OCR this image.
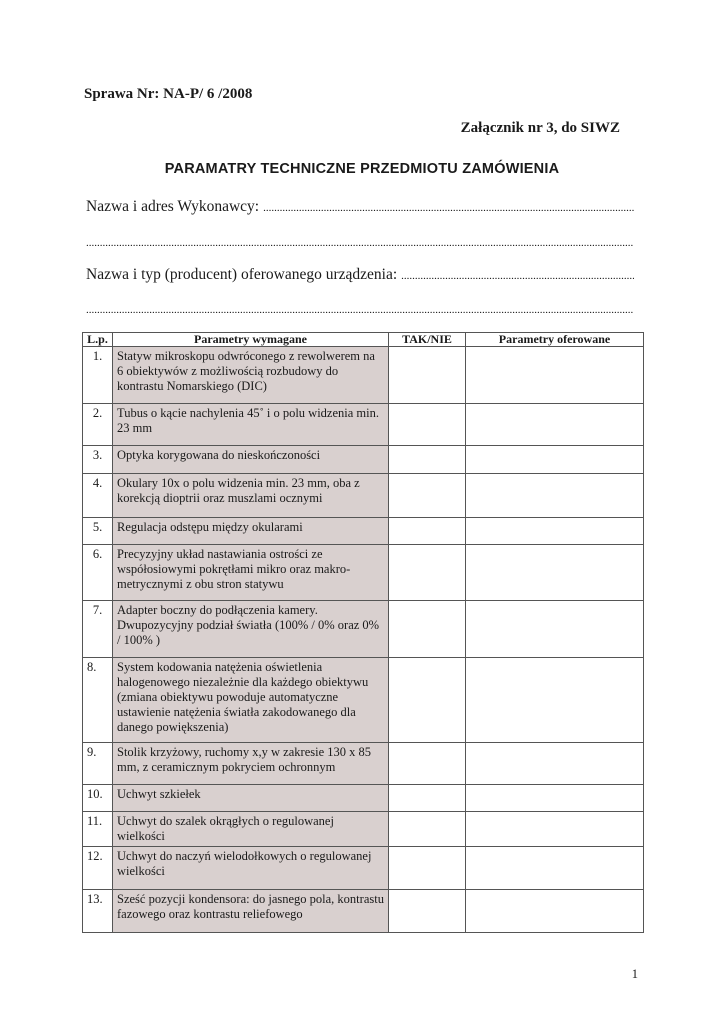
Sprawa Nr: NA-P/ 6 /2008
Załącznik nr 3, do SIWZ
PARAMATRY TECHNICZNE PRZEDMIOTU ZAMÓWIENIA
Nazwa i adres Wykonawcy:
.....
.....
Nazwa i typ (producent) oferowanego urządzenia:
.....
.....
L.p.	Parametry wymagane	TAK/NIE	Parametry oferowane
1.	Statyw mikroskopu odwróconego z rewolwerem na 6 obiektywów z możliwością rozbudowy do kontrastu Nomarskiego (DIC)		
2.	Tubus o kącie nachylenia 45˚ i o polu widzenia min. 23 mm		
3.	Optyka korygowana do nieskończoności		
4.	Okulary 10x o polu widzenia min. 23 mm, oba z korekcją dioptrii oraz muszlami ocznymi		
5.	Regulacja odstępu między okularami		
6.	Precyzyjny układ nastawiania ostrości ze współosiowymi pokrętłami mikro oraz makro-metrycznymi z obu stron statywu		
7.	Adapter boczny do podłączenia kamery. Dwupozycyjny podział światła (100% / 0% oraz 0% / 100% )		
8.	System kodowania natężenia oświetlenia halogenowego niezależnie dla każdego obiektywu (zmiana obiektywu powoduje automatyczne ustawienie natężenia światła zakodowanego dla danego powiększenia)		
9.	Stolik krzyżowy, ruchomy x,y w zakresie 130 x 85 mm, z ceramicznym pokryciem ochronnym		
10.	Uchwyt szkiełek		
11.	Uchwyt do szalek okrągłych o regulowanej wielkości		
12.	Uchwyt do naczyń wielodołkowych o regulowanej wielkości		
13.	Sześć pozycji kondensora: do jasnego pola, kontrastu fazowego oraz kontrastu reliefowego		
1
